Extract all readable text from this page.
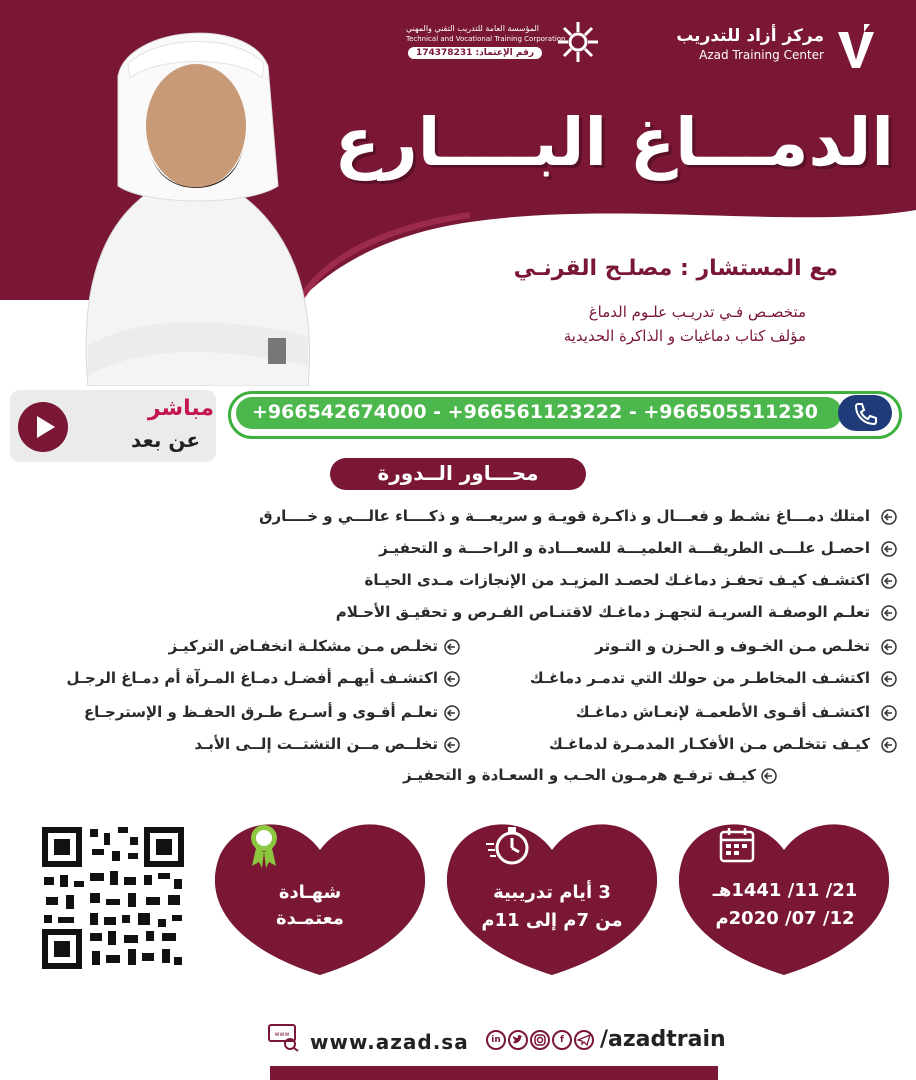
مركز أزاد للتدريب
Azad Training Center
المؤسسة العامة للتدريب التقني والمهني
Technical and Vocational Training Corporation
رقم الإعتماد: 174378231
الدمـــاغ البــــارع
مع المستشار : مصلـح القرنـي
متخصـص فـي تدريـب علـوم الدماغ
مؤلف كتاب دماغيات و الذاكرة الحديدية
مباشر
عن بعد
+966542674000 - +966561123222 - +966505511230
محـــاور الــدورة
امتلك دمـــاغ نشـط و فعـــال و ذاكـرة قويـة و سريعـــة و ذكــــاء عالـــي و خــــارق
احصـل علـــى الطريقـــة العلميـــة للسعـــادة و الراحـــة و التحفيـز
اكتشـف كيـف تحفـز دماغـك لحصـد المزيـد من الإنجازات مـدى الحيـاة
تعلـم الوصفـة السريـة لتجهـز دماغـك لاقتنـاص الفـرص و تحقيـق الأحـلام
تخلـص مـن الخـوف و الحـزن و التـوتر
اكتشـف المخاطـر من حولك التي تدمـر دماغـك
اكتشـف أقـوى الأطعمـة لإنعـاش دماغـك
كيـف تتخلـص مـن الأفكـار المدمـرة لدماغـك
تخلـص مـن مشكلـة انخفـاض التركيـز
اكتشـف أيهـم أفضـل دمـاغ المـرآة أم دمـاغ الرجـل
تعلـم أقـوى و أسـرع طـرق الحفـظ و الإسترجـاع
تخلــص مــن التشتــت إلــى الأبـد
كيـف ترفـع هرمـون الحـب و السعـادة و التحفيـز
شهـادة
معتمـدة
3 أيام تدريبية
من 7م إلى 11م
21/ 11/ 1441هـ
12/ 07/ 2020م
www www.azad.sa	in	f	/azadtrain
